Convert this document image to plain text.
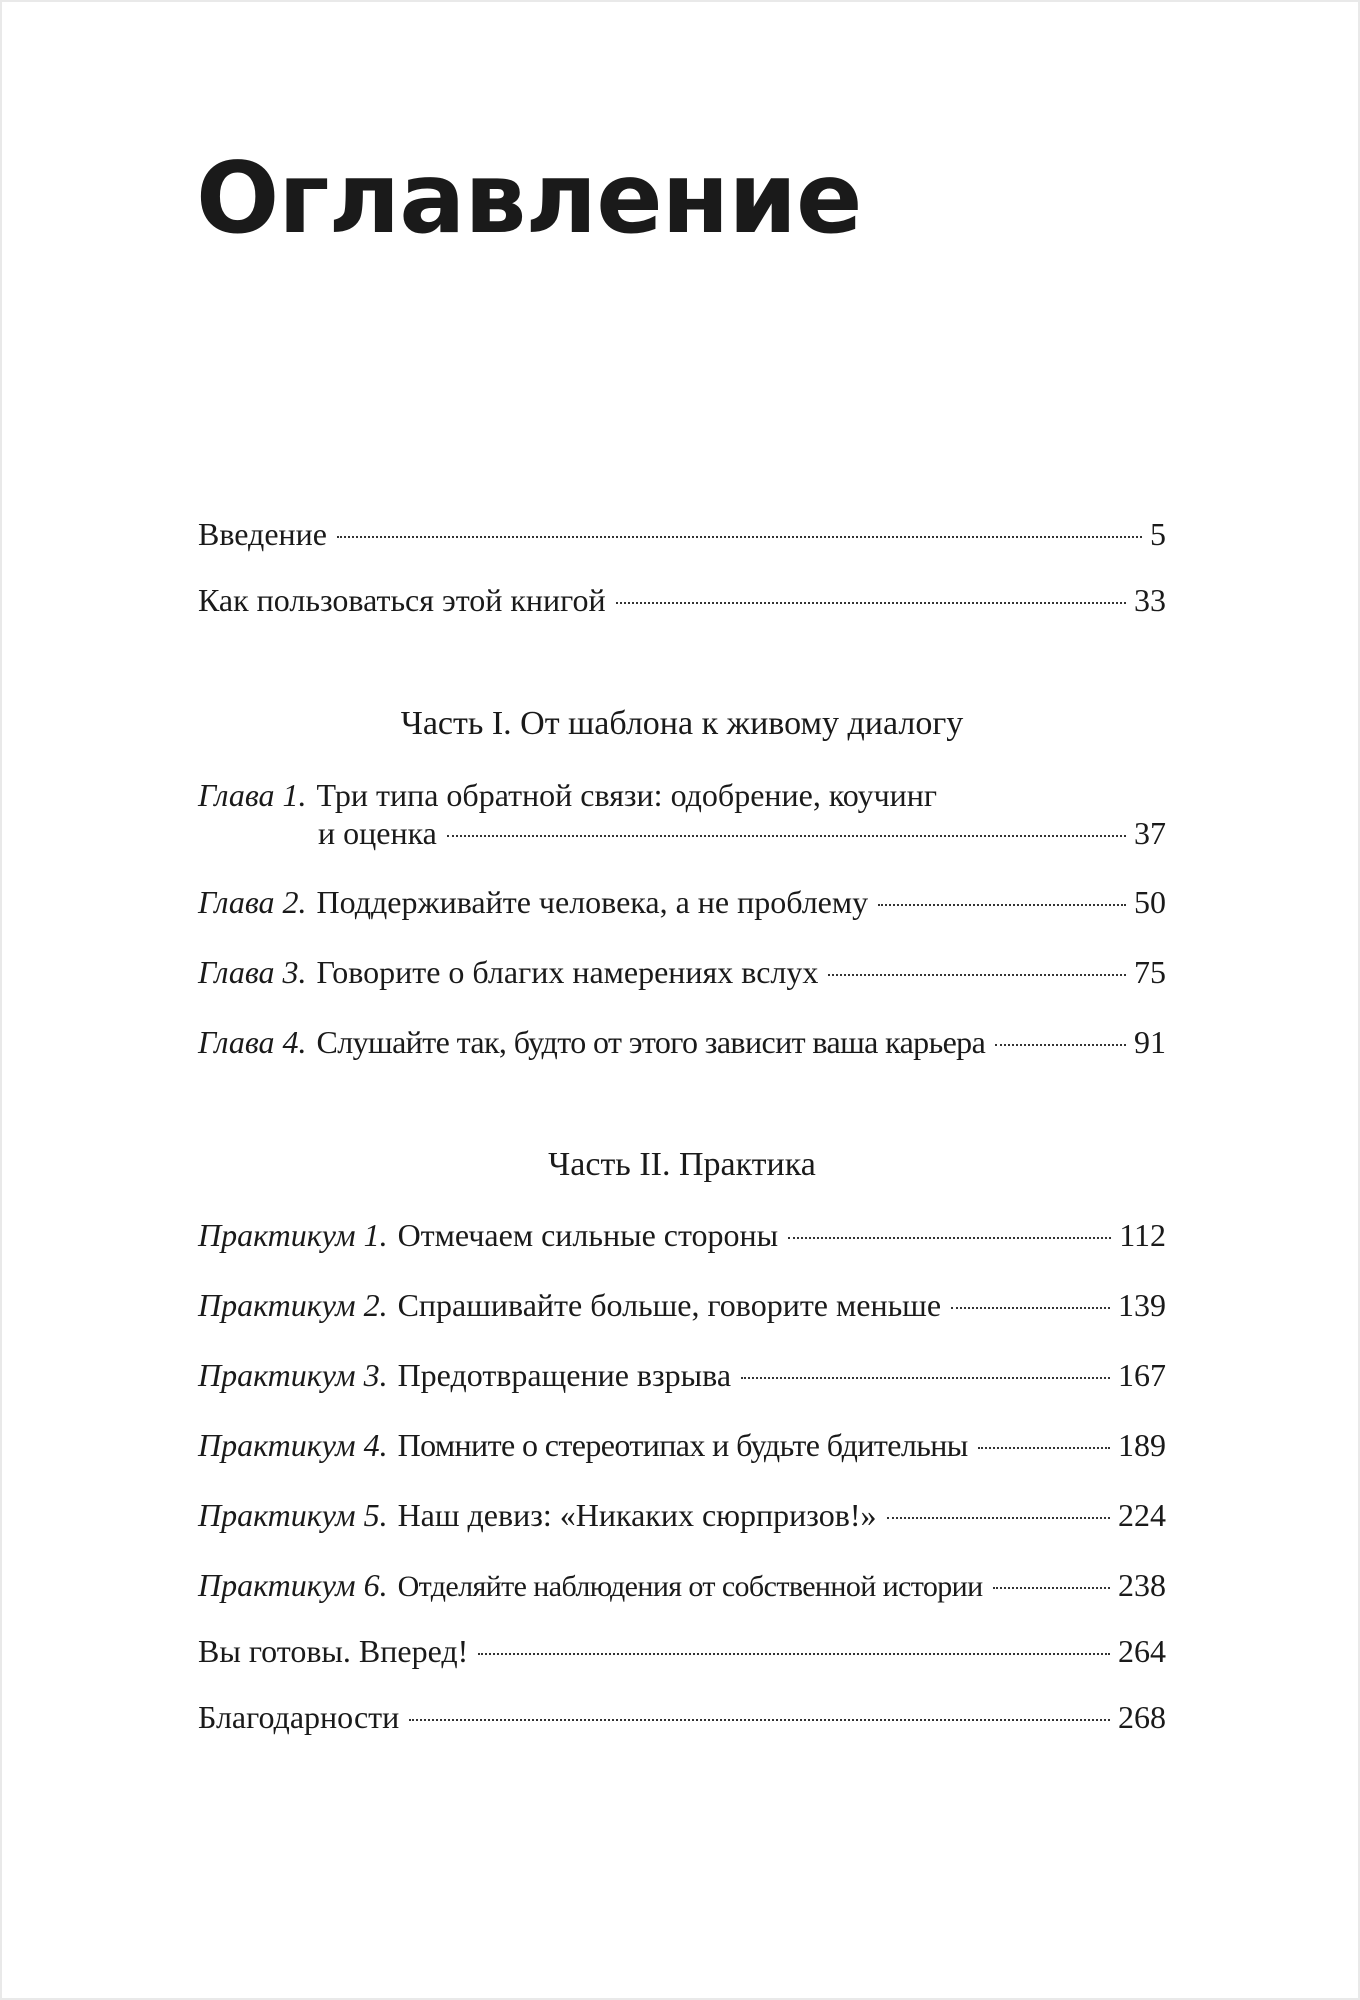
Оглавление
Введение	5
Как пользоваться этой книгой	33
Часть I. От шаблона к живому диалогу
Глава 1. Три типа обратной связи: одобрение, коучинг
и оценка	37
Глава 2. Поддерживайте человека, а не проблему	50
Глава 3. Говорите о благих намерениях вслух	75
Глава 4. Слушайте так, будто от этого зависит ваша карьера	91
Часть II. Практика
Практикум 1. Отмечаем сильные стороны	112
Практикум 2. Спрашивайте больше, говорите меньше	139
Практикум 3. Предотвращение взрыва	167
Практикум 4. Помните о стереотипах и будьте бдительны	189
Практикум 5. Наш девиз: «Никаких сюрпризов!»	224
Практикум 6. Отделяйте наблюдения от собственной истории	238
Вы готовы. Вперед!	264
Благодарности	268
